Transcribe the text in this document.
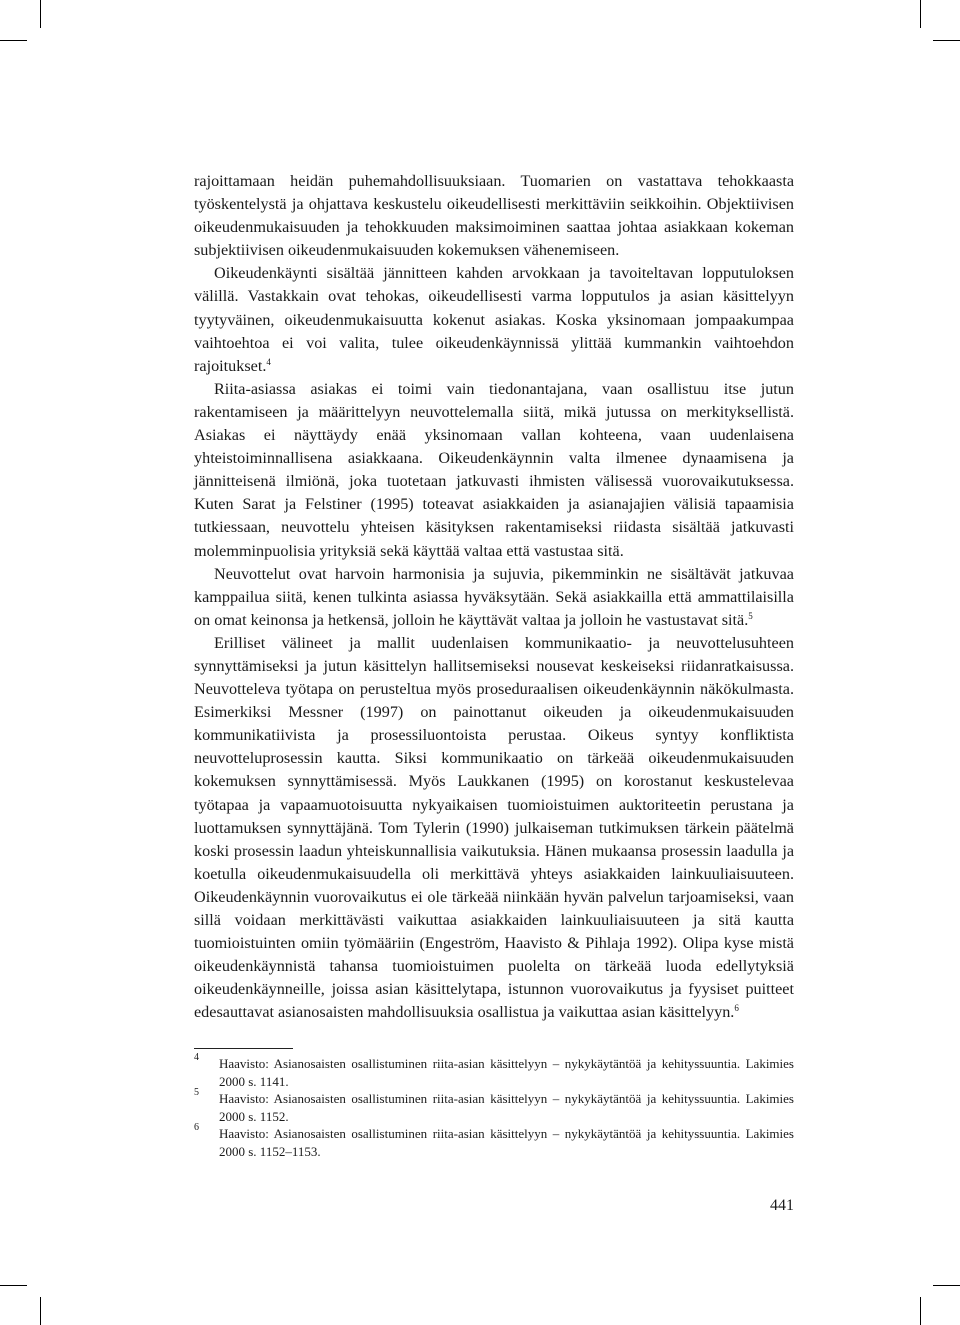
rajoittamaan heidän puhemahdollisuuksiaan. Tuomarien on vastattava tehokkaasta työskentelystä ja ohjattava keskustelu oikeudellisesti merkittäviin seikkoihin. Objektiivisen oikeudenmukaisuuden ja tehokkuuden maksimoiminen saattaa johtaa asiakkaan kokeman subjektiivisen oikeudenmukaisuuden kokemuksen vähenemiseen.

Oikeudenkäynti sisältää jännitteen kahden arvokkaan ja tavoiteltavan lopputuloksen välillä. Vastakkain ovat tehokas, oikeudellisesti varma lopputulos ja asian käsittelyyn tyytyväinen, oikeudenmukaisuutta kokenut asiakas. Koska yksinomaan jompaakumpaa vaihtoehtoa ei voi valita, tulee oikeudenkäynnissä ylittää kummankin vaihtoehdon rajoitukset.$^4$

Riita-asiassa asiakas ei toimi vain tiedonantajana, vaan osallistuu itse jutun rakentamiseen ja määrittelyyn neuvottelemalla siitä, mikä jutussa on merkityksellistä. Asiakas ei näyttäydy enää yksinomaan vallan kohteena, vaan uudenlaisena yhteistoiminnallisena asiakkaana. Oikeudenkäynnin valta ilmenee dynaamisena ja jännitteisenä ilmiönä, joka tuotetaan jatkuvasti ihmisten välisessä vuorovaikutuksessa. Kuten Sarat ja Felstiner (1995) toteavat asiakkaiden ja asianajajien välisiä tapaamisia tutkiessaan, neuvottelu yhteisen käsityksen rakentamiseksi riidasta sisältää jatkuvasti molemminpuolisia yrityksiä sekä käyttää valtaa että vastustaa sitä.

Neuvottelut ovat harvoin harmonisia ja sujuvia, pikemminkin ne sisältävät jatkuvaa kamppailua siitä, kenen tulkinta asiassa hyväksytään. Sekä asiakkailla että ammattilaisilla on omat keinonsa ja hetkensä, jolloin he käyttävät valtaa ja jolloin he vastustavat sitä.$^5$

Erilliset välineet ja mallit uudenlaisen kommunikaatio- ja neuvottelusuhteen synnyttämiseksi ja jutun käsittelyn hallitsemiseksi nousevat keskeiseksi riidanratkaisussa. Neuvotteleva työtapa on perusteltua myös proseduraalisen oikeudenkäynnin näkökulmasta. Esimerkiksi Messner (1997) on painottanut oikeuden ja oikeudenmukaisuuden kommunikatiivista ja prosessiluontoista perustaa. Oikeus syntyy konfliktista neuvotteluprosessin kautta. Siksi kommunikaatio on tärkeää oikeudenmukaisuuden kokemuksen synnyttämisessä. Myös Laukkanen (1995) on korostanut keskustelevaa työtapaa ja vapaamuotoisuutta nykyaikaisen tuomioistuimen auktoriteetin perustana ja luottamuksen synnyttäjänä. Tom Tylerin (1990) julkaiseman tutkimuksen tärkein päätelmä koski prosessin laadun yhteiskunnallisia vaikutuksia. Hänen mukaansa prosessin laadulla ja koetulla oikeudenmukaisuudella oli merkittävä yhteys asiakkaiden lainkuuliaisuuteen. Oikeudenkäynnin vuorovaikutus ei ole tärkeää niinkään hyvän palvelun tarjoamiseksi, vaan sillä voidaan merkittävästi vaikuttaa asiakkaiden lainkuuliaisuuteen ja sitä kautta tuomioistuinten omiin työmääriin (Engeström, Haavisto & Pihlaja 1992). Olipa kyse mistä oikeudenkäynnistä tahansa tuomioistuimen puolelta on tärkeää luoda edellytyksiä oikeudenkäynneille, joissa asian käsittelytapa, istunnon vuorovaikutus ja fyysiset puitteet edesauttavat asianosaisten mahdollisuuksia osallistua ja vaikuttaa asian käsittelyyn.$^6$

4 Haavisto: Asianosaisten osallistuminen riita-asian käsittelyyn – nykykäytäntöä ja kehityssuuntia. Lakimies 2000 s. 1141.
5 Haavisto: Asianosaisten osallistuminen riita-asian käsittelyyn – nykykäytäntöä ja kehityssuuntia. Lakimies 2000 s. 1152.
6 Haavisto: Asianosaisten osallistuminen riita-asian käsittelyyn – nykykäytäntöä ja kehityssuuntia. Lakimies 2000 s. 1152–1153.
441
